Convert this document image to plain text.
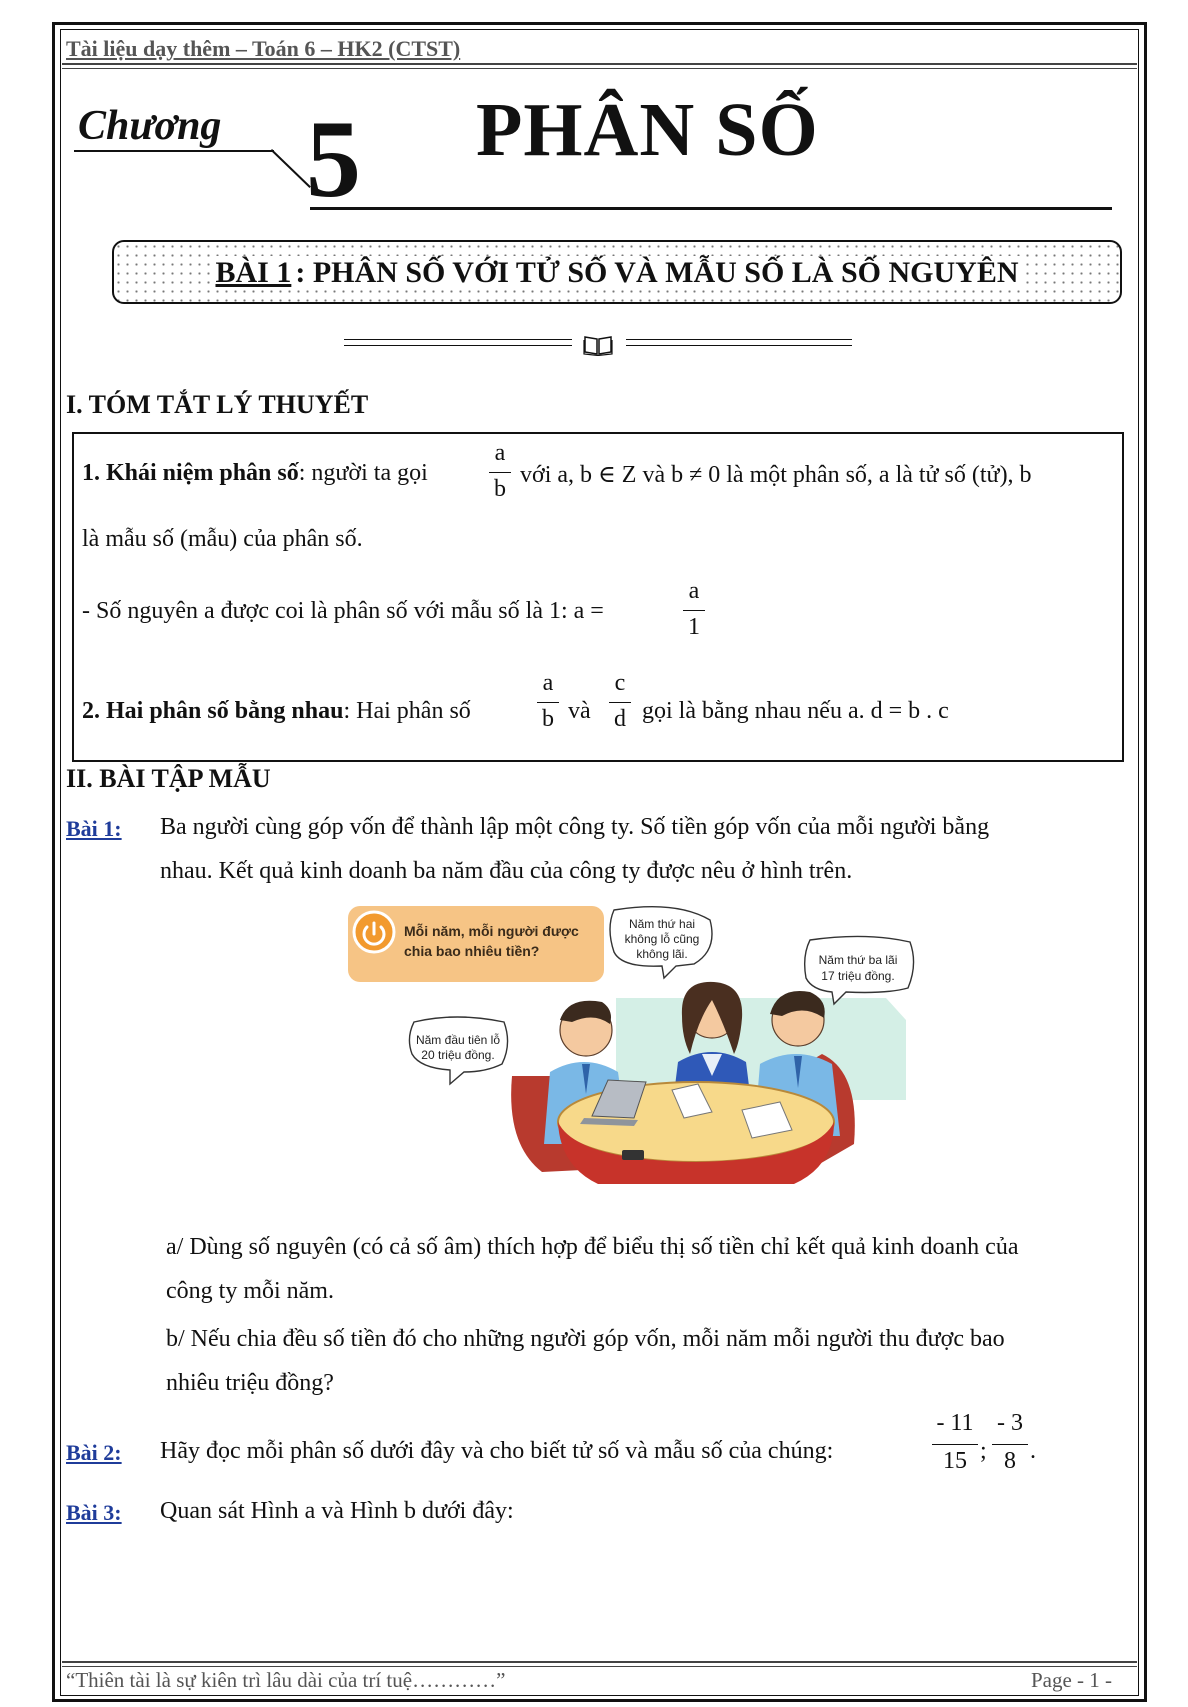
Tài liệu dạy thêm – Toán 6 – HK2 (CTST)
Chương 5 PHÂN SỐ
BÀI 1 : PHÂN SỐ VỚI TỬ SỐ VÀ MẪU SỐ LÀ SỐ NGUYÊN
I. TÓM TẮT LÝ THUYẾT
1. Khái niệm phân số: người ta gọi
a
b
với a, b ∈ Z và b ≠ 0 là một phân số, a là tử số (tử), b
là mẫu số (mẫu) của phân số.
- Số nguyên a được coi là phân số với mẫu số là 1: a =
a
1
2. Hai phân số bằng nhau: Hai phân số
a
b và
c
d gọi là bằng nhau nếu a. d = b . c
II. BÀI TẬP MẪU
Bài 1: Ba người cùng góp vốn để thành lập một công ty. Số tiền góp vốn của mỗi người bằng
nhau. Kết quả kinh doanh ba năm đầu của công ty được nêu ở hình trên.
Mỗi năm, mỗi người được
chia bao nhiêu tiền?
Năm thứ hai
không lỗ cũng
không lãi.	Năm thứ ba lãi
17 triệu đồng.
Năm đầu tiên lỗ
20 triệu đồng.
a/ Dùng số nguyên (có cả số âm) thích hợp để biểu thị số tiền chỉ kết quả kinh doanh của
công ty mỗi năm.
b/ Nếu chia đều số tiền đó cho những người góp vốn, mỗi năm mỗi người thu được bao
nhiêu triệu đồng?
Bài 2: Hãy đọc mỗi phân số dưới đây và cho biết tử số và mẫu số của chúng:
- 11
15 ;
- 3
8 .
Bài 3: Quan sát Hình a và Hình b dưới đây:
“Thiên tài là sự kiên trì lâu dài của trí tuệ…………”	Page - 1 -
